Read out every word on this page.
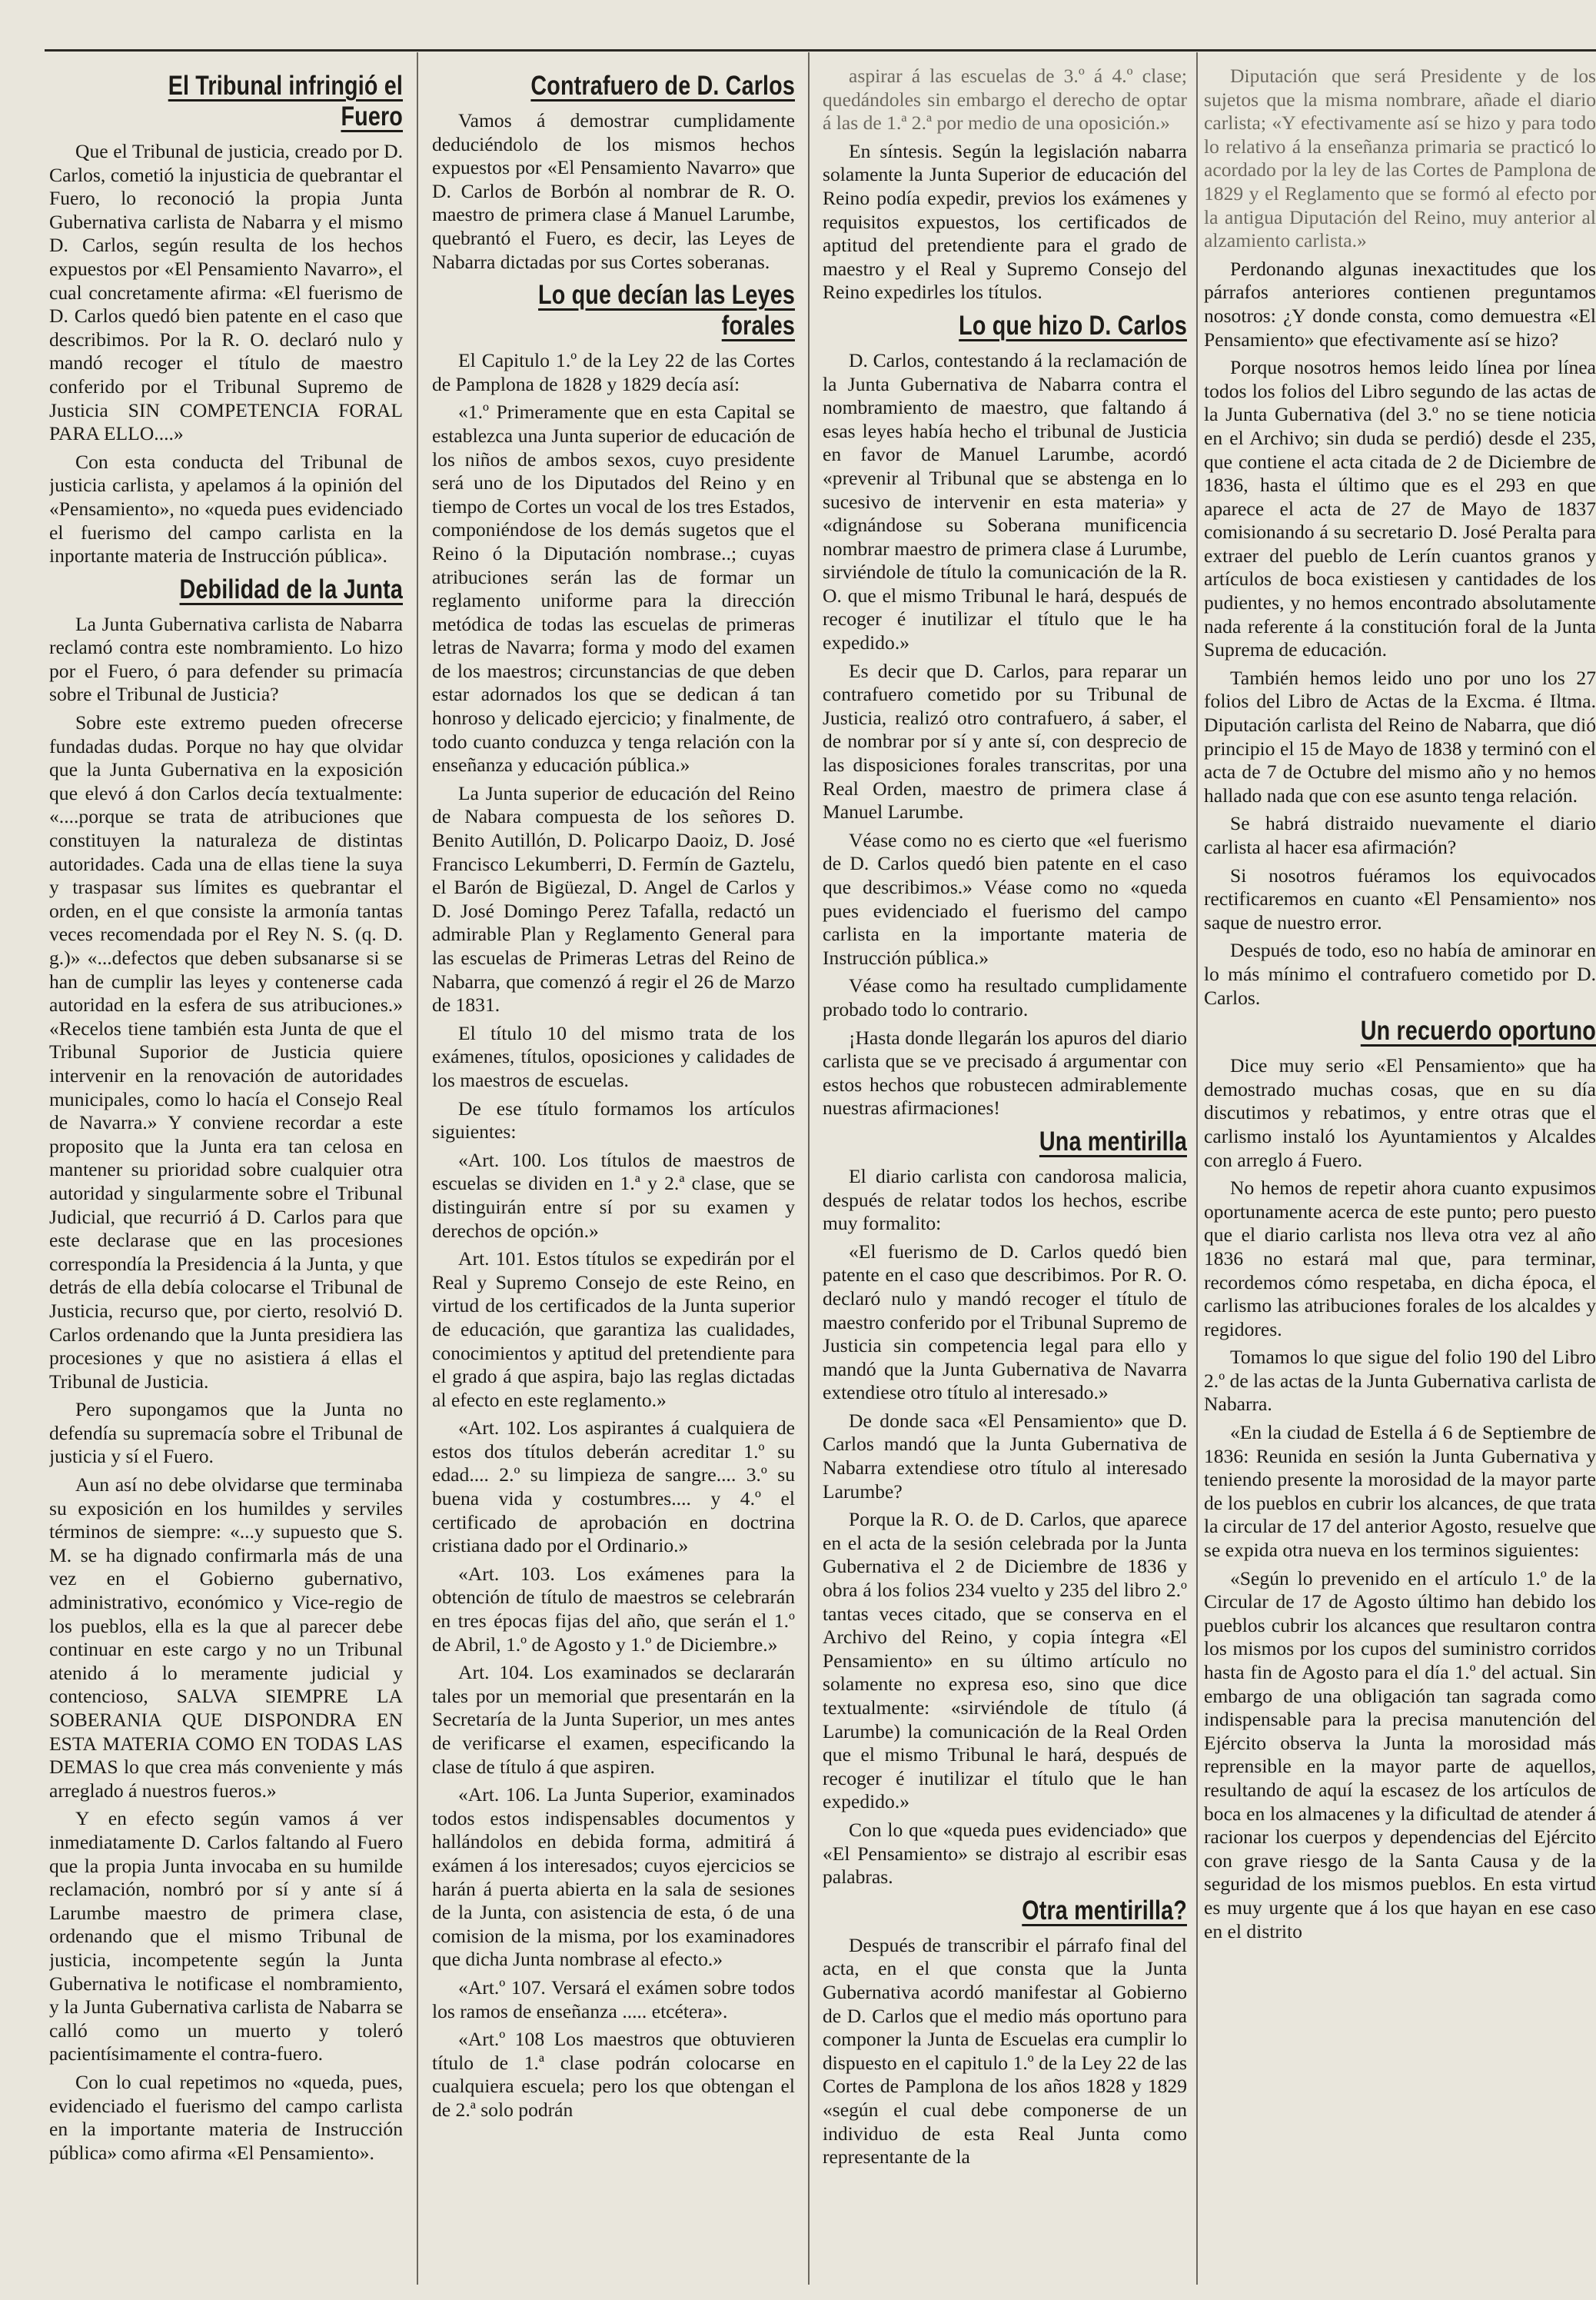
El Tribunal infringió el Fuero

Que el Tribunal de justicia, creado por D. Carlos, cometió la injusticia de quebrantar el Fuero, lo reconoció la propia Junta Gubernativa carlista de Nabarra y el mismo D. Carlos, según resulta de los hechos expuestos por «El Pensamiento Navarro», el cual concretamente afirma: «El fuerismo de D. Carlos quedó bien patente en el caso que describimos. Por la R. O. declaró nulo y mandó recoger el título de maestro conferido por el Tribunal Supremo de Justicia SIN COMPETENCIA FORAL PARA ELLO....»

Con esta conducta del Tribunal de justicia carlista, y apelamos á la opinión del «Pensamiento», no «queda pues evidenciado el fuerismo del campo carlista en la inportante materia de Instrucción pública».

Debilidad de la Junta

La Junta Gubernativa carlista de Nabarra reclamó contra este nombramiento. Lo hizo por el Fuero, ó para defender su primacía sobre el Tribunal de Justicia?

Sobre este extremo pueden ofrecerse fundadas dudas. Porque no hay que olvidar que la Junta Gubernativa en la exposición que elevó á don Carlos decía textualmente: «....porque se trata de atribuciones que constituyen la naturaleza de distintas autoridades. Cada una de ellas tiene la suya y traspasar sus límites es quebrantar el orden, en el que consiste la armonía tantas veces recomendada por el Rey N. S. (q. D. g.)» «...defectos que deben subsanarse si se han de cumplir las leyes y contenerse cada autoridad en la esfera de sus atribuciones.» «Recelos tiene también esta Junta de que el Tribunal Suporior de Justicia quiere intervenir en la renovación de autoridades municipales, como lo hacía el Consejo Real de Navarra.» Y conviene recordar a este proposito que la Junta era tan celosa en mantener su prioridad sobre cualquier otra autoridad y singularmente sobre el Tribunal Judicial, que recurrió á D. Carlos para que este declarase que en las procesiones correspondía la Presidencia á la Junta, y que detrás de ella debía colocarse el Tribunal de Justicia, recurso que, por cierto, resolvió D. Carlos ordenando que la Junta presidiera las procesiones y que no asistiera á ellas el Tribunal de Justicia.

Pero supongamos que la Junta no defendía su supremacía sobre el Tribunal de justicia y sí el Fuero.

Aun así no debe olvidarse que terminaba su exposición en los humildes y serviles términos de siempre: «...y supuesto que S. M. se ha dignado confirmarla más de una vez en el Gobierno gubernativo, administrativo, económico y Vice-regio de los pueblos, ella es la que al parecer debe continuar en este cargo y no un Tribunal atenido á lo meramente judicial y contencioso, SALVA SIEMPRE LA SOBERANIA QUE DISPONDRA EN ESTA MATERIA COMO EN TODAS LAS DEMAS lo que crea más conveniente y más arreglado á nuestros fueros.»

Y en efecto según vamos á ver inmediatamente D. Carlos faltando al Fuero que la propia Junta invocaba en su humilde reclamación, nombró por sí y ante sí á Larumbe maestro de primera clase, ordenando que el mismo Tribunal de justicia, incompetente según la Junta Gubernativa le notificase el nombramiento, y la Junta Gubernativa carlista de Nabarra se calló como un muerto y toleró pacientísimamente el contra-fuero.

Con lo cual repetimos no «queda, pues, evidenciado el fuerismo del campo carlista en la importante materia de Instrucción pública» como afirma «El Pensamiento».

Contrafuero de D. Carlos

Vamos á demostrar cumplidamente deduciéndolo de los mismos hechos expuestos por «El Pensamiento Navarro» que D. Carlos de Borbón al nombrar de R. O. maestro de primera clase á Manuel Larumbe, quebrantó el Fuero, es decir, las Leyes de Nabarra dictadas por sus Cortes soberanas.

Lo que decían las Leyes forales

El Capitulo 1.º de la Ley 22 de las Cortes de Pamplona de 1828 y 1829 decía así:

«1.º Primeramente que en esta Capital se establezca una Junta superior de educación de los niños de ambos sexos, cuyo presidente será uno de los Diputados del Reino y en tiempo de Cortes un vocal de los tres Estados, componiéndose de los demás sugetos que el Reino ó la Diputación nombrase..; cuyas atribuciones serán las de formar un reglamento uniforme para la dirección metódica de todas las escuelas de primeras letras de Navarra; forma y modo del examen de los maestros; circunstancias de que deben estar adornados los que se dedican á tan honroso y delicado ejercicio; y finalmente, de todo cuanto conduzca y tenga relación con la enseñanza y educación pública.»

La Junta superior de educación del Reino de Nabara compuesta de los señores D. Benito Autillón, D. Policarpo Daoiz, D. José Francisco Lekumberri, D. Fermín de Gaztelu, el Barón de Bigüezal, D. Angel de Carlos y D. José Domingo Perez Tafalla, redactó un admirable Plan y Reglamento General para las escuelas de Primeras Letras del Reino de Nabarra, que comenzó á regir el 26 de Marzo de 1831.

El título 10 del mismo trata de los exámenes, títulos, oposiciones y calidades de los maestros de escuelas.

De ese título formamos los artículos siguientes:

«Art. 100. Los títulos de maestros de escuelas se dividen en 1.ª y 2.ª clase, que se distinguirán entre sí por su examen y derechos de opción.»

Art. 101. Estos títulos se expedirán por el Real y Supremo Consejo de este Reino, en virtud de los certificados de la Junta superior de educación, que garantiza las cualidades, conocimientos y aptitud del pretendiente para el grado á que aspira, bajo las reglas dictadas al efecto en este reglamento.»

«Art. 102. Los aspirantes á cualquiera de estos dos títulos deberán acreditar 1.º su edad.... 2.º su limpieza de sangre.... 3.º su buena vida y costumbres.... y 4.º el certificado de aprobación en doctrina cristiana dado por el Ordinario.»

«Art. 103. Los exámenes para la obtención de título de maestros se celebrarán en tres épocas fijas del año, que serán el 1.º de Abril, 1.º de Agosto y 1.º de Diciembre.»

Art. 104. Los examinados se declararán tales por un memorial que presentarán en la Secretaría de la Junta Superior, un mes antes de verificarse el examen, especificando la clase de título á que aspiren.

«Art. 106. La Junta Superior, examinados todos estos indispensables documentos y hallándolos en debida forma, admitirá á exámen á los interesados; cuyos ejercicios se harán á puerta abierta en la sala de sesiones de la Junta, con asistencia de esta, ó de una comision de la misma, por los examinadores que dicha Junta nombrase al efecto.»

«Art.º 107. Versará el exámen sobre todos los ramos de enseñanza ..... etcétera».

«Art.º 108 Los maestros que obtuvieren título de 1.ª clase podrán colocarse en cualquiera escuela; pero los que obtengan el de 2.ª solo podrán

aspirar á las escuelas de 3.º á 4.º clase; quedándoles sin embargo el derecho de optar á las de 1.ª 2.ª por medio de una oposición.»

En síntesis. Según la legislación nabarra solamente la Junta Superior de educación del Reino podía expedir, previos los exámenes y requisitos expuestos, los certificados de aptitud del pretendiente para el grado de maestro y el Real y Supremo Consejo del Reino expedirles los títulos.

Lo que hizo D. Carlos

D. Carlos, contestando á la reclamación de la Junta Gubernativa de Nabarra contra el nombramiento de maestro, que faltando á esas leyes había hecho el tribunal de Justicia en favor de Manuel Larumbe, acordó «prevenir al Tribunal que se abstenga en lo sucesivo de intervenir en esta materia» y «dignándose su Soberana munificencia nombrar maestro de primera clase á Lurumbe, sirviéndole de título la comunicación de la R. O. que el mismo Tribunal le hará, después de recoger é inutilizar el título que le ha expedido.»

Es decir que D. Carlos, para reparar un contrafuero cometido por su Tribunal de Justicia, realizó otro contrafuero, á saber, el de nombrar por sí y ante sí, con desprecio de las disposiciones forales transcritas, por una Real Orden, maestro de primera clase á Manuel Larumbe.

Véase como no es cierto que «el fuerismo de D. Carlos quedó bien patente en el caso que describimos.» Véase como no «queda pues evidenciado el fuerismo del campo carlista en la importante materia de Instrucción pública.»

Véase como ha resultado cumplidamente probado todo lo contrario.

¡Hasta donde llegarán los apuros del diario carlista que se ve precisado á argumentar con estos hechos que robustecen admirablemente nuestras afirmaciones!

Una mentirilla

El diario carlista con candorosa malicia, después de relatar todos los hechos, escribe muy formalito:

«El fuerismo de D. Carlos quedó bien patente en el caso que describimos. Por R. O. declaró nulo y mandó recoger el título de maestro conferido por el Tribunal Supremo de Justicia sin competencia legal para ello y mandó que la Junta Gubernativa de Navarra extendiese otro título al interesado.»

De donde saca «El Pensamiento» que D. Carlos mandó que la Junta Gubernativa de Nabarra extendiese otro título al interesado Larumbe?

Porque la R. O. de D. Carlos, que aparece en el acta de la sesión celebrada por la Junta Gubernativa el 2 de Diciembre de 1836 y obra á los folios 234 vuelto y 235 del libro 2.º tantas veces citado, que se conserva en el Archivo del Reino, y copia íntegra «El Pensamiento» en su último artículo no solamente no expresa eso, sino que dice textualmente: «sirviéndole de título (á Larumbe) la comunicación de la Real Orden que el mismo Tribunal le hará, después de recoger é inutilizar el título que le han expedido.»

Con lo que «queda pues evidenciado» que «El Pensamiento» se distrajo al escribir esas palabras.

Otra mentirilla?

Después de transcribir el párrafo final del acta, en el que consta que la Junta Gubernativa acordó manifestar al Gobierno de D. Carlos que el medio más oportuno para componer la Junta de Escuelas era cumplir lo dispuesto en el capitulo 1.º de la Ley 22 de las Cortes de Pamplona de los años 1828 y 1829 «según el cual debe componerse de un individuo de esta Real Junta como representante de la

Diputación que será Presidente y de los sujetos que la misma nombrare, añade el diario carlista; «Y efectivamente así se hizo y para todo lo relativo á la enseñanza primaria se practicó lo acordado por la ley de las Cortes de Pamplona de 1829 y el Reglamento que se formó al efecto por la antigua Diputación del Reino, muy anterior al alzamiento carlista.»

Perdonando algunas inexactitudes que los párrafos anteriores contienen preguntamos nosotros: ¿Y donde consta, como demuestra «El Pensamiento» que efectivamente así se hizo?

Porque nosotros hemos leido línea por línea todos los folios del Libro segundo de las actas de la Junta Gubernativa (del 3.º no se tiene noticia en el Archivo; sin duda se perdió) desde el 235, que contiene el acta citada de 2 de Diciembre de 1836, hasta el último que es el 293 en que aparece el acta de 27 de Mayo de 1837 comisionando á su secretario D. José Peralta para extraer del pueblo de Lerín cuantos granos y artículos de boca existiesen y cantidades de los pudientes, y no hemos encontrado absolutamente nada referente á la constitución foral de la Junta Suprema de educación.

También hemos leido uno por uno los 27 folios del Libro de Actas de la Excma. é Iltma. Diputación carlista del Reino de Nabarra, que dió principio el 15 de Mayo de 1838 y terminó con el acta de 7 de Octubre del mismo año y no hemos hallado nada que con ese asunto tenga relación.

Se habrá distraido nuevamente el diario carlista al hacer esa afirmación?

Si nosotros fuéramos los equivocados rectificaremos en cuanto «El Pensamiento» nos saque de nuestro error.

Después de todo, eso no había de aminorar en lo más mínimo el contrafuero cometido por D. Carlos.

Un recuerdo oportuno

Dice muy serio «El Pensamiento» que ha demostrado muchas cosas, que en su día discutimos y rebatimos, y entre otras que el carlismo instaló los Ayuntamientos y Alcaldes con arreglo á Fuero.

No hemos de repetir ahora cuanto expusimos oportunamente acerca de este punto; pero puesto que el diario carlista nos lleva otra vez al año 1836 no estará mal que, para terminar, recordemos cómo respetaba, en dicha época, el carlismo las atribuciones forales de los alcaldes y regidores.

Tomamos lo que sigue del folio 190 del Libro 2.º de las actas de la Junta Gubernativa carlista de Nabarra.

«En la ciudad de Estella á 6 de Septiembre de 1836: Reunida en sesión la Junta Gubernativa y teniendo presente la morosidad de la mayor parte de los pueblos en cubrir los alcances, de que trata la circular de 17 del anterior Agosto, resuelve que se expida otra nueva en los terminos siguientes:

«Según lo prevenido en el artículo 1.º de la Circular de 17 de Agosto último han debido los pueblos cubrir los alcances que resultaron contra los mismos por los cupos del suministro corridos hasta fin de Agosto para el día 1.º del actual. Sin embargo de una obligación tan sagrada como indispensable para la precisa manutención del Ejército observa la Junta la morosidad más reprensible en la mayor parte de aquellos, resultando de aquí la escasez de los artículos de boca en los almacenes y la dificultad de atender á racionar los cuerpos y dependencias del Ejército con grave riesgo de la Santa Causa y de la seguridad de los mismos pueblos. En esta virtud es muy urgente que á los que hayan en ese caso en el distrito
